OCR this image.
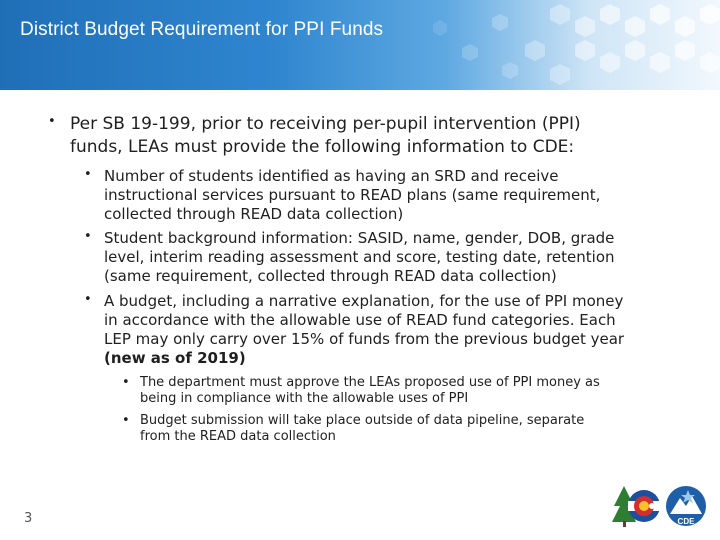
District Budget Requirement for PPI Funds
• Per SB 19-199, prior to receiving per-pupil intervention (PPI)
funds, LEAs must provide the following information to CDE:
• Number of students identified as having an SRD and receive
instructional services pursuant to READ plans (same requirement,
collected through READ data collection)
• Student background information: SASID, name, gender, DOB, grade
level, interim reading assessment and score, testing date, retention
(same requirement, collected through READ data collection)
• A budget, including a narrative explanation, for the use of PPI money
in accordance with the allowable use of READ fund categories. Each
LEP may only carry over 15% of funds from the previous budget year
(new as of 2019)
• The department must approve the LEAs proposed use of PPI money as
being in compliance with the allowable uses of PPI
• Budget submission will take place outside of data pipeline, separate
from the READ data collection
3	CDE
